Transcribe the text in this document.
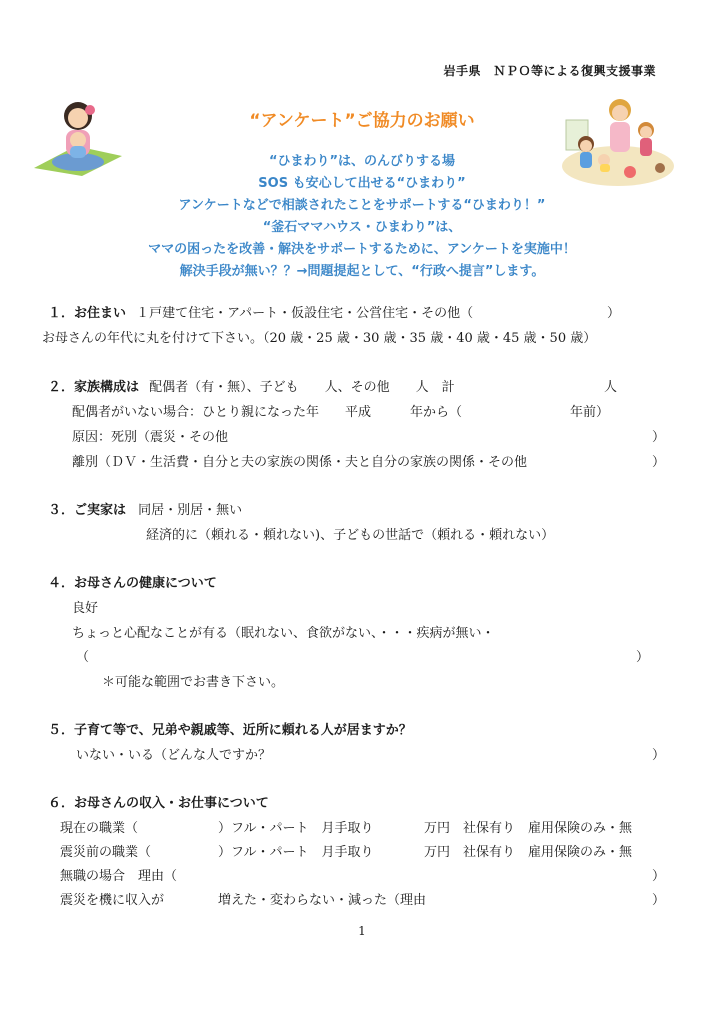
岩手県　ＮＰＯ等による復興支援事業
“アンケート”ご協力のお願い
“ひまわり”は、のんびりする場
SOS も安心して出せる“ひまわり”
アンケートなどで相談されたことをサポートする“ひまわり！”
“釜石ママハウス・ひまわり”は、
ママの困ったを改善・解決をサポートするために、アンケートを実施中！
解決手段が無い？？→問題提起として、“行政へ提言”します。
１．お住まい １戸建て住宅・アパート・仮設住宅・公営住宅・その他（	）
お母さんの年代に丸を付けて下さい。（20 歳・25 歳・30 歳・35 歳・40 歳・45 歳・50 歳）
２．家族構成は 配偶者（有・無）、子ども　　人、その他　　人　計	人
配偶者がいない場合：ひとり親になった年　　平成　　　年から（	年前）
原因：死別（震災・その他	）
離別（ＤＶ・生活費・自分と夫の家族の関係・夫と自分の家族の関係・その他	）
３．ご実家は 同居・別居・無い
経済的に（頼れる・頼れない)、子どもの世話で（頼れる・頼れない）
４．お母さんの健康について
良好
ちょっと心配なことが有る（眠れない、食欲がない、・・・疾病が無い・
（	）
＊可能な範囲でお書き下さい。
５．子育て等で、兄弟や親戚等、近所に頼れる人が居ますか？
いない・いる（どんな人ですか？	）
６．お母さんの収入・お仕事について
現在の職業（	）フル・パート　月手取り	万円　社保有り　雇用保険のみ・無
震災前の職業（	）フル・パート　月手取り	万円　社保有り　雇用保険のみ・無
無職の場合　理由（	）
震災を機に収入が	増えた・変わらない・減った（理由	）
1
